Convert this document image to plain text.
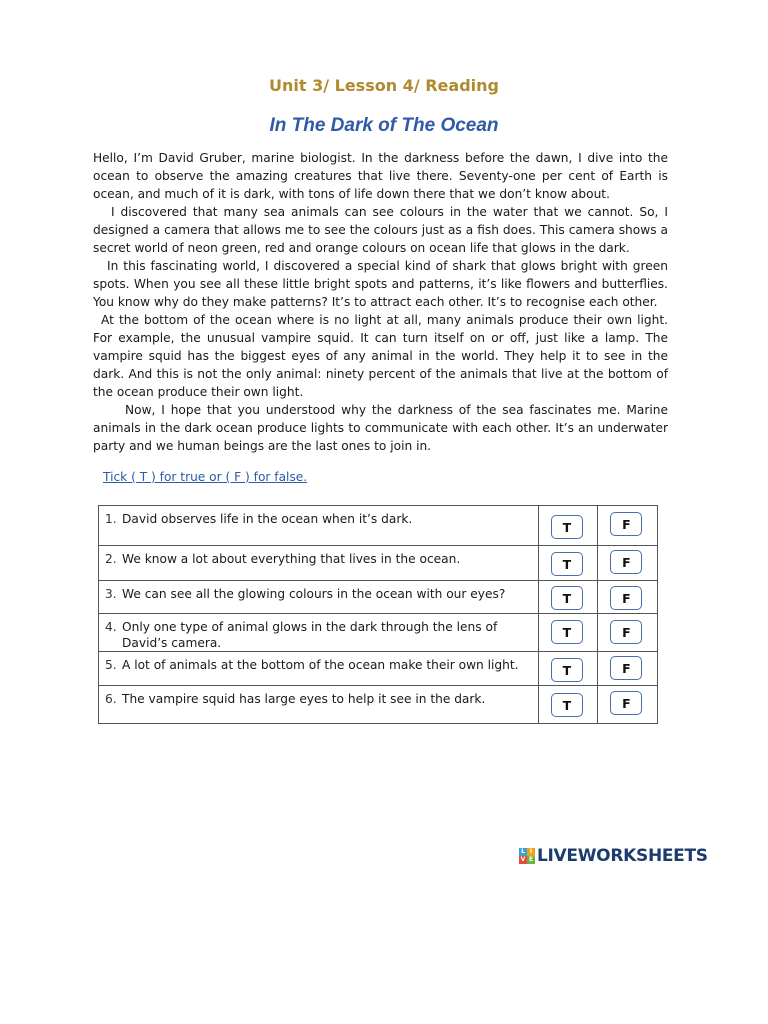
Unit 3/ Lesson 4/ Reading
In The Dark of The Ocean

Hello, I’m David Gruber, marine biologist. In the darkness before the dawn, I dive into the ocean to observe the amazing creatures that live there. Seventy-one per cent of Earth is ocean, and much of it is dark, with tons of life down there that we don’t know about.

I discovered that many sea animals can see colours in the water that we cannot. So, I designed a camera that allows me to see the colours just as a fish does. This camera shows a secret world of neon green, red and orange colours on ocean life that glows in the dark.

In this fascinating world, I discovered a special kind of shark that glows bright with green spots. When you see all these little bright spots and patterns, it’s like flowers and butterflies. You know why do they make patterns? It’s to attract each other. It’s to recognise each other.

At the bottom of the ocean where is no light at all, many animals produce their own light. For example, the unusual vampire squid. It can turn itself on or off, just like a lamp. The vampire squid has the biggest eyes of any animal in the world. They help it to see in the dark. And this is not the only animal: ninety percent of the animals that live at the bottom of the ocean produce their own light.

Now, I hope that you understood why the darkness of the sea fascinates me. Marine animals in the dark ocean produce lights to communicate with each other. It’s an underwater party and we human beings are the last ones to join in.

Tick ( T ) for true or ( F ) for false.
1. David observes life in the ocean when it’s dark.	T	F

2. We know a lot about everything that lives in the ocean.	T	F

3. We can see all the glowing colours in the ocean with our eyes?	T	F

4. Only one type of animal glows in the dark through the lens of David’s camera.	T	F

5. A lot of animals at the bottom of the ocean make their own light.	T	F

6. The vampire squid has large eyes to help it see in the dark.	T	F
L I
V E LIVEWORKSHEETS
